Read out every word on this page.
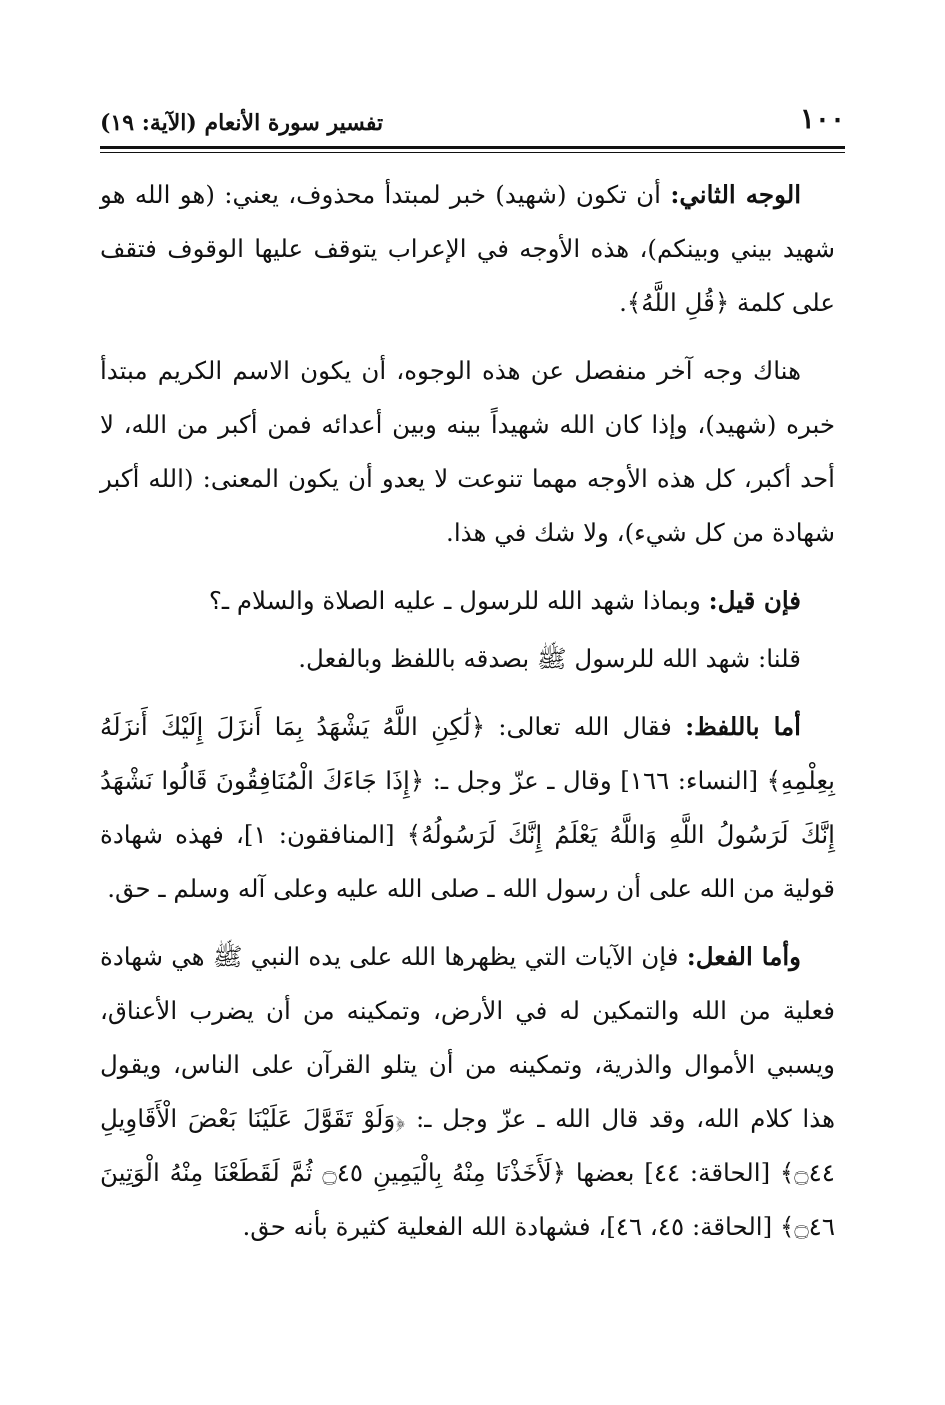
١٠٠
تفسير سورة الأنعام (الآية: ١٩)

الوجه الثاني: أن تكون (شهيد) خبر لمبتدأ محذوف، يعني: (هو الله هو شهيد بيني وبينكم)، هذه الأوجه في الإعراب يتوقف عليها الوقوف فتقف على كلمة ﴿قُلِ اللَّهُ﴾.

هناك وجه آخر منفصل عن هذه الوجوه، أن يكون الاسم الكريم مبتدأ خبره (شهيد)، وإذا كان الله شهيداً بينه وبين أعدائه فمن أكبر من الله، لا أحد أكبر، كل هذه الأوجه مهما تنوعت لا يعدو أن يكون المعنى: (الله أكبر شهادة من كل شيء)، ولا شك في هذا.

فإن قيل: وبماذا شهد الله للرسول ـ عليه الصلاة والسلام ـ؟

قلنا: شهد الله للرسول ﷺ بصدقه باللفظ وبالفعل.

أما باللفظ: فقال الله تعالى: ﴿لَٰكِنِ اللَّهُ يَشْهَدُ بِمَا أَنزَلَ إِلَيْكَ أَنزَلَهُ بِعِلْمِهِ﴾ [النساء: ١٦٦] وقال ـ عزّ وجل ـ: ﴿إِذَا جَاءَكَ الْمُنَافِقُونَ قَالُوا نَشْهَدُ إِنَّكَ لَرَسُولُ اللَّهِ وَاللَّهُ يَعْلَمُ إِنَّكَ لَرَسُولُهُ﴾ [المنافقون: ١]، فهذه شهادة قولية من الله على أن رسول الله ـ صلى الله عليه وعلى آله وسلم ـ حق.

وأما الفعل: فإن الآيات التي يظهرها الله على يده النبي ﷺ هي شهادة فعلية من الله والتمكين له في الأرض، وتمكينه من أن يضرب الأعناق، ويسبي الأموال والذرية، وتمكينه من أن يتلو القرآن على الناس، ويقول هذا كلام الله، وقد قال الله ـ عزّ وجل ـ: ﴿وَلَوْ تَقَوَّلَ عَلَيْنَا بَعْضَ الْأَقَاوِيلِ ۝٤٤﴾ [الحاقة: ٤٤] بعضها ﴿لَأَخَذْنَا مِنْهُ بِالْيَمِينِ ۝٤٥ ثُمَّ لَقَطَعْنَا مِنْهُ الْوَتِينَ ۝٤٦﴾ [الحاقة: ٤٥، ٤٦]، فشهادة الله الفعلية كثيرة بأنه حق.
